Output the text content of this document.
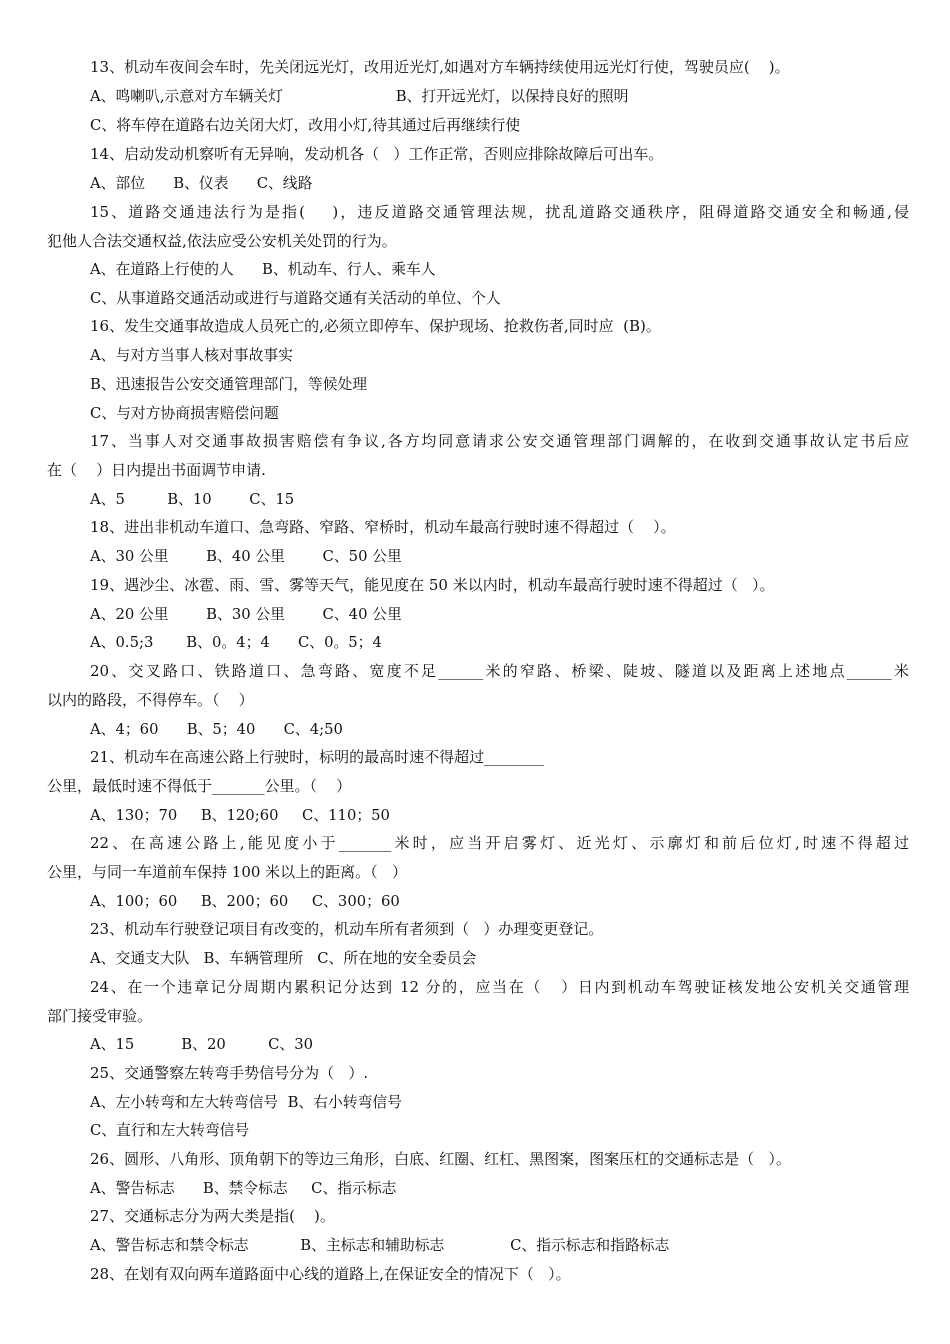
13、机动车夜间会车时，先关闭远光灯，改用近光灯,如遇对方车辆持续使用远光灯行使，驾驶员应(    )。
A、鸣喇叭,示意对方车辆关灯                        B、打开远光灯，以保持良好的照明
C、将车停在道路右边关闭大灯，改用小灯,待其通过后再继续行使
14、启动发动机察听有无异响，发动机各（   ）工作正常，否则应排除故障后可出车。
A、部位      B、仪表      C、线路
15、道路交通违法行为是指(    )，违反道路交通管理法规，扰乱道路交通秩序，阻碍道路交通安全和畅通,侵
犯他人合法交通权益,依法应受公安机关处罚的行为。
A、在道路上行使的人      B、机动车、行人、乘车人
C、从事道路交通活动或进行与道路交通有关活动的单位、个人
16、发生交通事故造成人员死亡的,必须立即停车、保护现场、抢救伤者,同时应  (B)。
A、与对方当事人核对事故事实
B、迅速报告公安交通管理部门，等候处理
C、与对方协商损害赔偿问题
17、当事人对交通事故损害赔偿有争议,各方均同意请求公安交通管理部门调解的，在收到交通事故认定书后应
在（    ）日内提出书面调节申请.
A、5         B、10        C、15
18、进出非机动车道口、急弯路、窄路、窄桥时，机动车最高行驶时速不得超过（    ）。
A、30 公里        B、40 公里        C、50 公里
19、遇沙尘、冰雹、雨、雪、雾等天气，能见度在 50 米以内时，机动车最高行驶时速不得超过（   ）。
A、20 公里        B、30 公里        C、40 公里
A、0.5;3       B、0。4；4      C、0。5；4
20、交叉路口、铁路道口、急弯路、宽度不足______米的窄路、桥梁、陡坡、隧道以及距离上述地点______米
以内的路段，不得停车。（    ）
A、4；60      B、5；40      C、4;50
21、机动车在高速公路上行驶时，标明的最高时速不得超过________
公里，最低时速不得低于_______公里。（    ）
A、130；70     B、120;60     C、110；50
22、在高速公路上,能见度小于_______米时，应当开启雾灯、近光灯、示廓灯和前后位灯,时速不得超过
公里，与同一车道前车保持 100 米以上的距离。（   ）
A、100；60     B、200；60     C、300；60
23、机动车行驶登记项目有改变的，机动车所有者须到（   ）办理变更登记。
A、交通支大队   B、车辆管理所   C、所在地的安全委员会
24、在一个违章记分周期内累积记分达到 12 分的，应当在（   ）日内到机动车驾驶证核发地公安机关交通管理
部门接受审验。
A、15          B、20         C、30
25、交通警察左转弯手势信号分为（   ）.
A、左小转弯和左大转弯信号  B、右小转弯信号
C、直行和左大转弯信号
26、圆形、八角形、顶角朝下的等边三角形，白底、红圈、红杠、黑图案，图案压杠的交通标志是（   ）。
A、警告标志      B、禁令标志     C、指示标志
27、交通标志分为两大类是指(    )。
A、警告标志和禁令标志           B、主标志和辅助标志              C、指示标志和指路标志
28、在划有双向两车道路面中心线的道路上,在保证安全的情况下（   ）。
